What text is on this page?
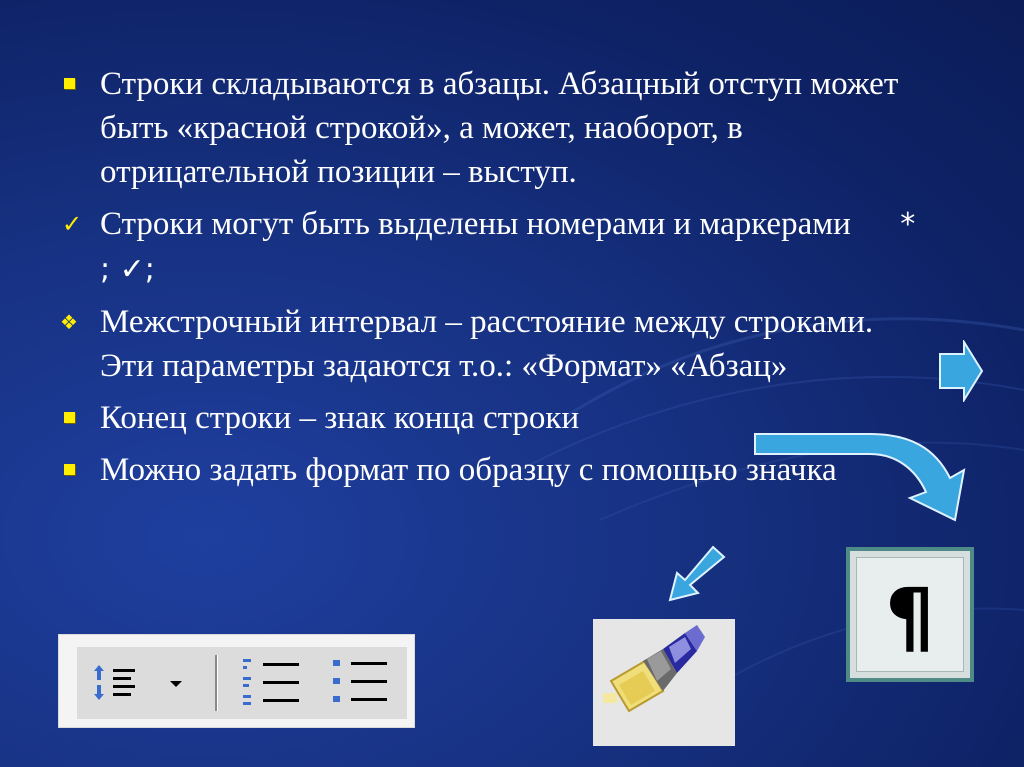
Строки складываются в абзацы. Абзацный отступ может быть «красной строкой», а может, наоборот, в отрицательной позиции – выступ.
✓ Строки могут быть выделены номерами и маркерами * ; ✓;
❖ Межстрочный интервал – расстояние между строками. Эти параметры задаются т.о.: «Формат» «Абзац»
Конец строки – знак конца строки
Можно задать формат по образцу с помощью значка
¶
